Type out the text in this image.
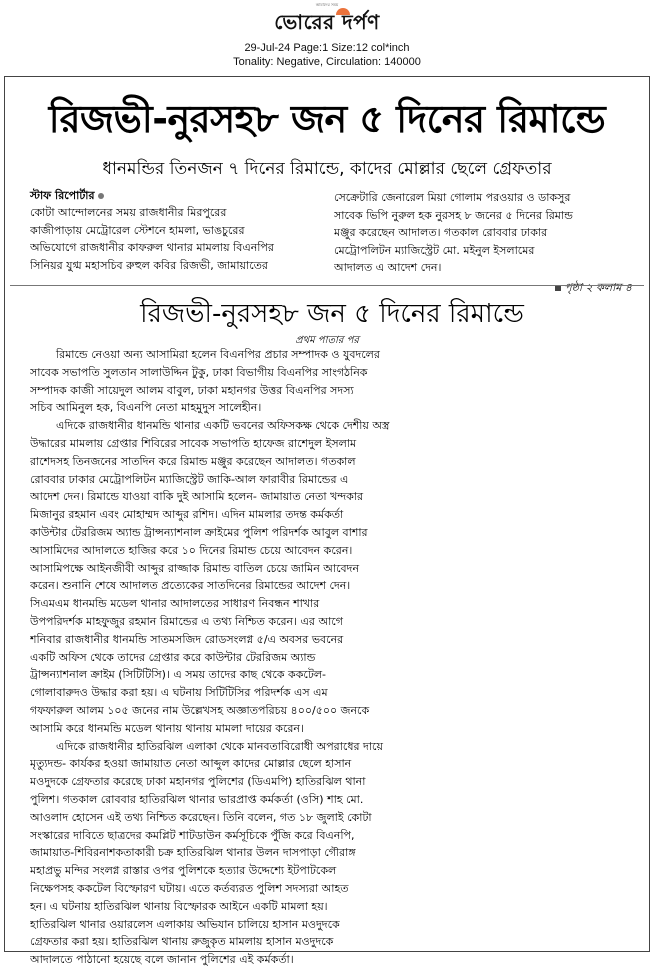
আমাদের সময়
ভোরের দর্পণ
29-Jul-24 Page:1 Size:12 col*inch
Tonality: Negative, Circulation: 140000
রিজভী-নুরসহ৮ জন ৫ দিনের রিমান্ডে
ধানমন্ডির তিনজন ৭ দিনের রিমান্ডে, কাদের মোল্লার ছেলে গ্রেফতার
স্টাফ রিপোর্টার

কোটা আন্দোলনের সময় রাজধানীর মিরপুরের

কাজীপাড়ায় মেট্রোরেল স্টেশনে হামলা, ভাঙচুরের

অভিযোগে রাজধানীর কাফরুল থানার মামলায় বিএনপির

সিনিয়র যুগ্ম মহাসচিব রুহুল কবির রিজভী, জামায়াতের

সেক্রেটারি জেনারেল মিয়া গোলাম পরওয়ার ও ডাকসুর

সাবেক ভিপি নুরুল হক নুরসহ ৮ জনের ৫ দিনের রিমান্ড

মঞ্জুর করেছেন আদালত। গতকাল রোববার ঢাকার

মেট্রোপলিটন ম্যাজিস্ট্রেট মো. মইনুল ইসলামের

আদালত এ আদেশ দেন।

পৃষ্ঠা ২ কলাম ৪
রিজভী-নুরসহ৮ জন ৫ দিনের রিমান্ডে
প্রথম পাতার পর

রিমান্ডে নেওয়া অন্য আসামিরা হলেন বিএনপির প্রচার সম্পাদক ও যুবদলের

সাবেক সভাপতি সুলতান সালাউদ্দিন টুকু, ঢাকা বিভাগীয় বিএনপির সাংগঠনিক

সম্পাদক কাজী সায়েদুল আলম বাবুল, ঢাকা মহানগর উত্তর বিএনপির সদস্য

সচিব আমিনুল হক, বিএনপি নেতা মাহমুদুস সালেহীন।

এদিকে রাজধানীর ধানমন্ডি থানার একটি ভবনের অফিসকক্ষ থেকে দেশীয় অস্ত্র

উদ্ধারের মামলায় গ্রেপ্তার শিবিরের সাবেক সভাপতি হাফেজ রাশেদুল ইসলাম

রাশেদসহ তিনজনের সাতদিন করে রিমান্ড মঞ্জুর করেছেন আদালত। গতকাল

রোববার ঢাকার মেট্রোপলিটন ম্যাজিস্ট্রেট জাকি-আল ফারাবীর রিমান্ডের এ

আদেশ দেন। রিমান্ডে যাওয়া বাকি দুই আসামি হলেন- জামায়াত নেতা খন্দকার

মিজানুর রহমান এবং মোহাম্মদ আব্দুর রশিদ। এদিন মামলার তদন্ত কর্মকর্তা

কাউন্টার টেররিজম অ্যান্ড ট্রান্সন্যাশনাল ক্রাইমের পুলিশ পরিদর্শক আবুল বাশার

আসামিদের আদালতে হাজির করে ১০ দিনের রিমান্ড চেয়ে আবেদন করেন।

আসামিপক্ষে আইনজীবী আব্দুর রাজ্জাক রিমান্ড বাতিল চেয়ে জামিন আবেদন

করেন। শুনানি শেষে আদালত প্রত্যেকের সাতদিনের রিমান্ডের আদেশ দেন।

সিএমএম ধানমন্ডি মডেল থানার আদালতের সাধারণ নিবন্ধন শাখার

উপপরিদর্শক মাহফুজুর রহমান রিমান্ডের এ তথ্য নিশ্চিত করেন। এর আগে

শনিবার রাজধানীর ধানমন্ডি সাতমসজিদ রোডসংলগ্ন ৫/এ অবসর ভবনের

একটি অফিস থেকে তাদের গ্রেপ্তার করে কাউন্টার টেররিজম অ্যান্ড

ট্রান্সন্যাশনাল ক্রাইম (সিটিটিসি)। এ সময় তাদের কাছ থেকে ককটেল-

গোলাবারুদও উদ্ধার করা হয়। এ ঘটনায় সিটিটিসির পরিদর্শক এস এম

গফফারুল আলম ১০৫ জনের নাম উল্লেখসহ অজ্ঞাতপরিচয় ৪০০/৫০০ জনকে

আসামি করে ধানমন্ডি মডেল থানায় থানায় মামলা দায়ের করেন।

এদিকে রাজধানীর হাতিরঝিল এলাকা থেকে মানবতাবিরোধী অপরাধের দায়ে

মৃত্যুদন্ড- কার্যকর হওয়া জামায়াত নেতা আব্দুল কাদের মোল্লার ছেলে হাসান

মওদুদকে গ্রেফতার করেছে ঢাকা মহানগর পুলিশের (ডিএমপি) হাতিরঝিল থানা

পুলিশ। গতকাল রোববার হাতিরঝিল থানার ভারপ্রাপ্ত কর্মকর্তা (ওসি) শাহ মো.

আওলাদ হোসেন এই তথ্য নিশ্চিত করেছেন। তিনি বলেন, গত ১৮ জুলাই কোটা

সংস্কারের দাবিতে ছাত্রদের কমপ্লিট শাটডাউন কর্মসূচিকে পুঁজি করে বিএনপি,

জামায়াত-শিবিরনাশকতাকারী চক্র হাতিরঝিল থানার উলন দাসপাড়া গৌরাঙ্গ

মহাপ্রভু মন্দির সংলগ্ন রাস্তার ওপর পুলিশকে হত্যার উদ্দেশ্যে ইটপাটকেল

নিক্ষেপসহ ককটেল বিস্ফোরণ ঘটায়। এতে কর্তব্যরত পুলিশ সদস্যরা আহত

হন। এ ঘটনায় হাতিরঝিল থানায় বিস্ফোরক আইনে একটি মামলা হয়।

হাতিরঝিল থানার ওয়ারলেস এলাকায় অভিযান চালিয়ে হাসান মওদুদকে

গ্রেফতার করা হয়। হাতিরঝিল থানায় রুজুকৃত মামলায় হাসান মওদুদকে

আদালতে পাঠানো হয়েছে বলে জানান পুলিশের এই কর্মকর্তা।
